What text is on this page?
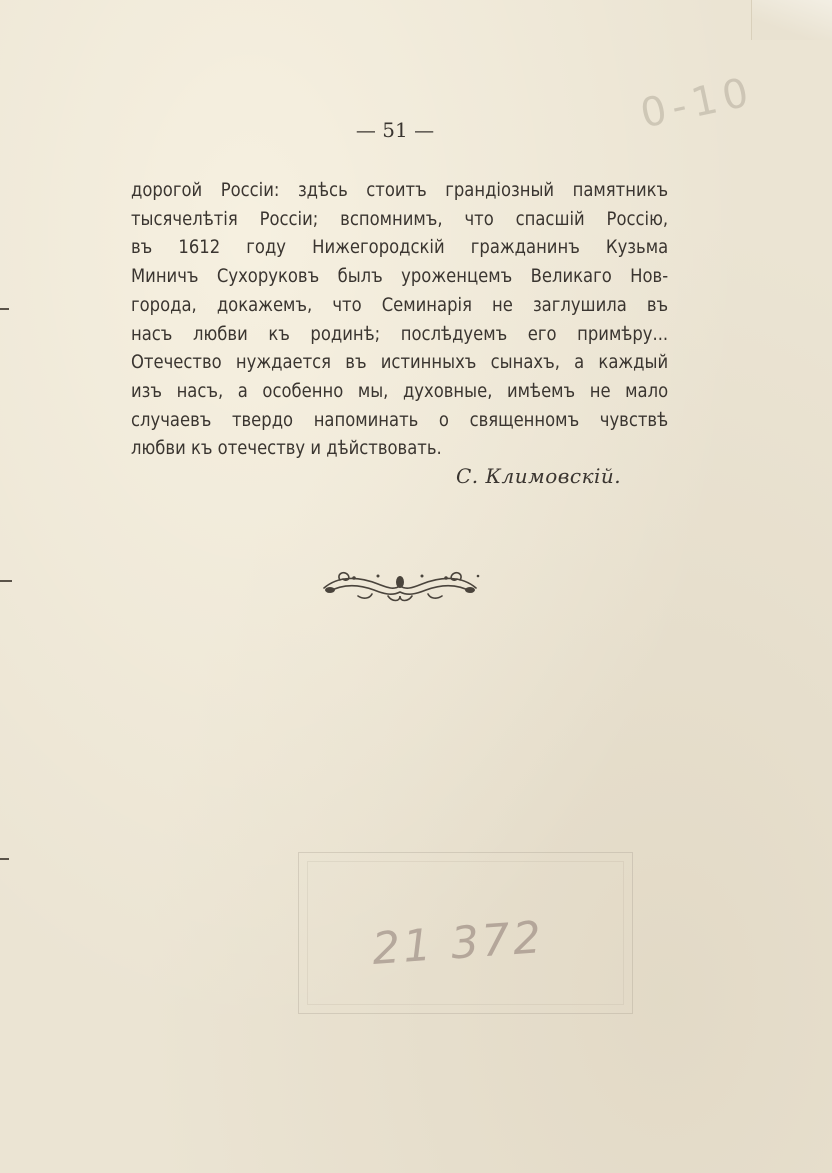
0-10
— 51 —
дорогой Россіи: здѣсь стоитъ грандіозный памятникъ
тысячелѣтія Россіи; вспомнимъ, что спасшій Россію,
въ 1612 году Нижегородскій гражданинъ Кузьма
Миничъ Сухоруковъ былъ уроженцемъ Великаго Нов-
города, докажемъ, что Семинарія не заглушила въ
насъ любви къ родинѣ; послѣдуемъ его примѣру...
Отечество нуждается въ истинныхъ сынахъ, а каждый
изъ насъ, а особенно мы, духовные, имѣемъ не мало
случаевъ твердо напоминать о священномъ чувствѣ
любви къ отечеству и дѣйствовать.
С. Климовскій.
21 372
